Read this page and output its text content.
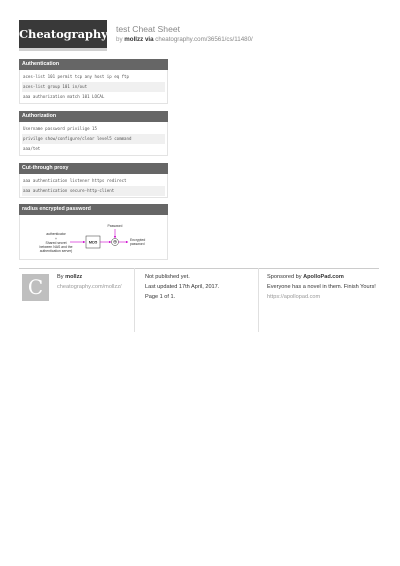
Cheatography test Cheat Sheet
by mollzz via cheatography.com/36561/cs/11480/
Authentication
aces-list 101 permit tcp any host ip eq ftp
aces-list group 101 in/out
aaa authorization match 101 LOCAL
Authorization
Username password privilige 15
privilge show/configure/clear level5 command
aaa/tet
Cut-through proxy
aaa authentication listener https redirect
aaa authentication secure-http-client
radius encrypted password
authenticator
+
Shared secret
between NAS and the
authentication server)
MD5
Password
⊕	Encrypted
password
C	By mollzz
cheatography.com/mollzz/
Not published yet.
Last updated 17th April, 2017.
Page 1 of 1.
Sponsored by ApolloPad.com
Everyone has a novel in them. Finish Yours!
https://apollopad.com
